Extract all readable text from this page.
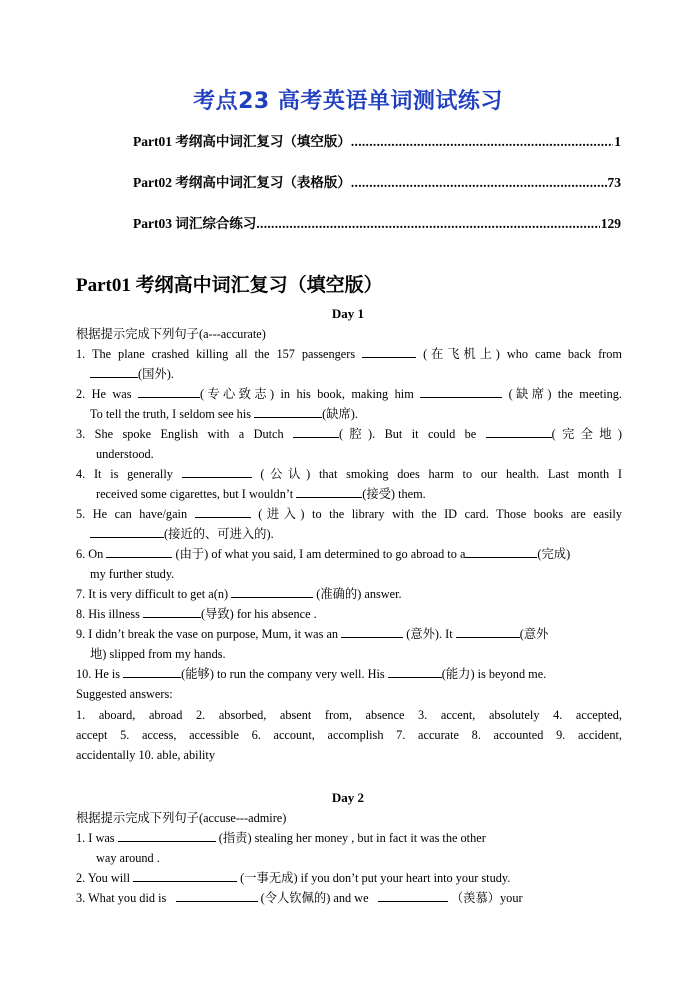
考点23 高考英语单词测试练习
Part01 考纲高中词汇复习（填空版） .....	1
Part02 考纲高中词汇复习（表格版） .....	73
Part03 词汇综合练习 .....	129
Part01 考纲高中词汇复习（填空版）
Day 1
根据提示完成下列句子(a---accurate)
1. The plane crashed killing all the 157 passengers	(在飞机上) who came back from
(国外).
2. He was	(专心致志) in his book, making him	(缺席) the meeting.
To tell the truth, I seldom see his	(缺席).
3. She spoke English with a Dutch	(腔). But it could be	(完全地)
understood.
4. It is generally	(公认) that smoking does harm to our health. Last month I
received some cigarettes, but I wouldn’t	(接受) them.
5. He can have/gain	(进入) to the library with the ID card. Those books are easily
(接近的、可进入的).
6. On	(由于) of what you said, I am determined to go abroad to a	(完成)
my further study.
7. It is very difficult to get a(n)	(准确的) answer.
8. His illness	(导致) for his absence .
9. I didn’t break the vase on purpose, Mum, it was an	(意外). It	(意外
地) slipped from my hands.
10. He is	(能够) to run the company very well. His	(能力) is beyond me.
Suggested answers:
1. aboard, abroad 2. absorbed, absent from, absence 3. accent, absolutely 4. accepted,
accept 5. access, accessible 6. account, accomplish 7. accurate 8. accounted 9. accident,
accidentally 10. able, ability
Day 2
根据提示完成下列句子(accuse---admire)
1. I was	(指责) stealing her money , but in fact it was the other
way around .
2. You will	(一事无成) if you don’t put your heart into your study.
3. What you did is	(令人钦佩的) and we	（羡慕）your
